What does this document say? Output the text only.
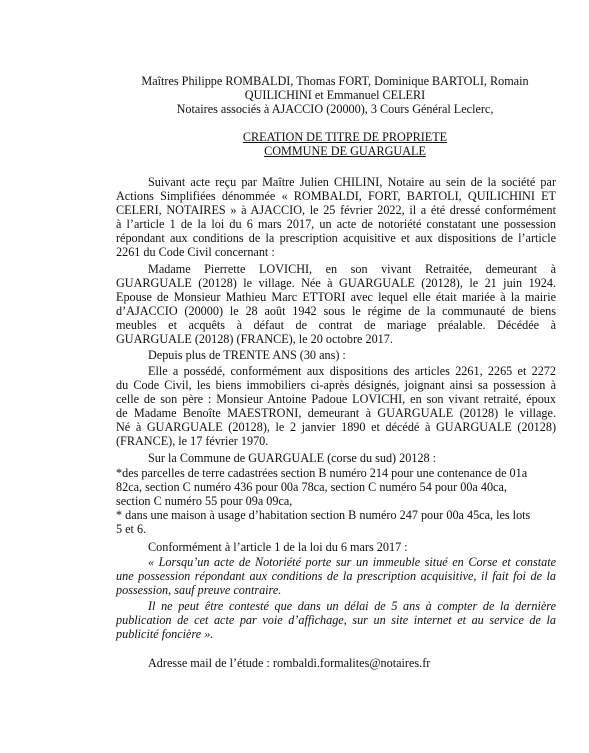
Maîtres Philippe ROMBALDI, Thomas FORT, Dominique BARTOLI, Romain
QUILICHINI et Emmanuel CELERI
Notaires associés à AJACCIO (20000), 3 Cours Général Leclerc,
CREATION DE TITRE DE PROPRIETE
COMMUNE DE GUARGUALE
Suivant acte reçu par Maître Julien CHILINI, Notaire au sein de la société par
Actions Simplifiées dénommée « ROMBALDI, FORT, BARTOLI, QUILICHINI ET
CELERI, NOTAIRES » à AJACCIO, le 25 février 2022, il a été dressé conformément
à l’article 1 de la loi du 6 mars 2017, un acte de notoriété constatant une possession
répondant aux conditions de la prescription acquisitive et aux dispositions de l’article
2261 du Code Civil concernant :
Madame Pierrette LOVICHI, en son vivant Retraitée, demeurant à
GUARGUALE (20128) le village. Née à GUARGUALE (20128), le 21 juin 1924.
Epouse de Monsieur Mathieu Marc ETTORI avec lequel elle était mariée à la mairie
d’AJACCIO (20000) le 28 août 1942 sous le régime de la communauté de biens
meubles et acquêts à défaut de contrat de mariage préalable. Décédée à
GUARGUALE (20128) (FRANCE), le 20 octobre 2017.
Depuis plus de TRENTE ANS (30 ans) :
Elle a possédé, conformément aux dispositions des articles 2261, 2265 et 2272
du Code Civil, les biens immobiliers ci-après désignés, joignant ainsi sa possession à
celle de son père : Monsieur Antoine Padoue LOVICHI, en son vivant retraité, époux
de Madame Benoîte MAESTRONI, demeurant à GUARGUALE (20128) le village.
Né à GUARGUALE (20128), le 2 janvier 1890 et décédé à GUARGUALE (20128)
(FRANCE), le 17 février 1970.
Sur la Commune de GUARGUALE (corse du sud) 20128 :
*des parcelles de terre cadastrées section B numéro 214 pour une contenance de 01a
82ca, section C numéro 436 pour 00a 78ca, section C numéro 54 pour 00a 40ca,
section C numéro 55 pour 09a 09ca,
* dans une maison à usage d’habitation section B numéro 247 pour 00a 45ca, les lots
5 et 6.
Conformément à l’article 1 de la loi du 6 mars 2017 :
« Lorsqu’un acte de Notoriété porte sur un immeuble situé en Corse et constate
une possession répondant aux conditions de la prescription acquisitive, il fait foi de la
possession, sauf preuve contraire.
Il ne peut être contesté que dans un délai de 5 ans à compter de la dernière
publication de cet acte par voie d’affichage, sur un site internet et au service de la
publicité foncière ».
Adresse mail de l’étude : rombaldi.formalites@notaires.fr
